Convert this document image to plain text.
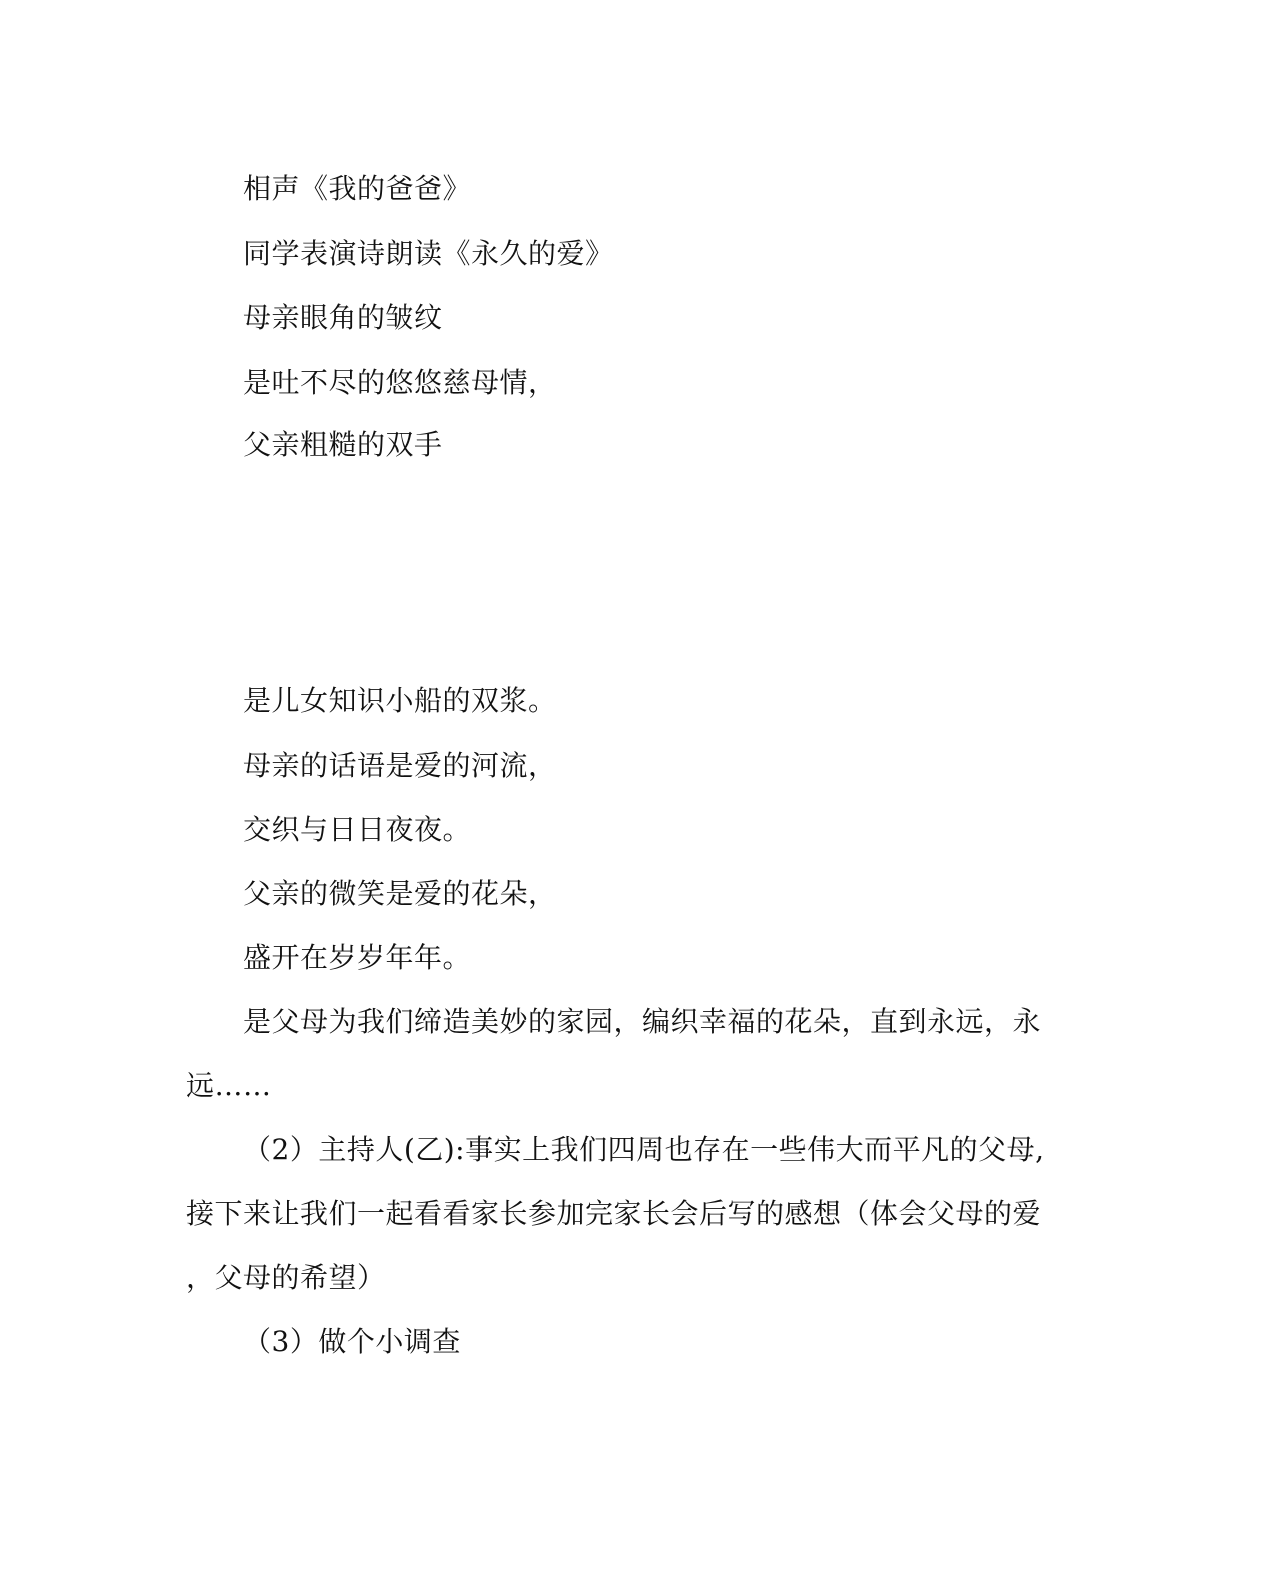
相声《我的爸爸》
同学表演诗朗读《永久的爱》
母亲眼角的皱纹
是吐不尽的悠悠慈母情，
父亲粗糙的双手
是儿女知识小船的双浆。
母亲的话语是爱的河流，
交织与日日夜夜。
父亲的微笑是爱的花朵，
盛开在岁岁年年。
是父母为我们缔造美妙的家园，编织幸福的花朵，直到永远，永
远……
（2）主持人(乙):事实上我们四周也存在一些伟大而平凡的父母,
接下来让我们一起看看家长参加完家长会后写的感想（体会父母的爱
，父母的希望）
（3）做个小调查
